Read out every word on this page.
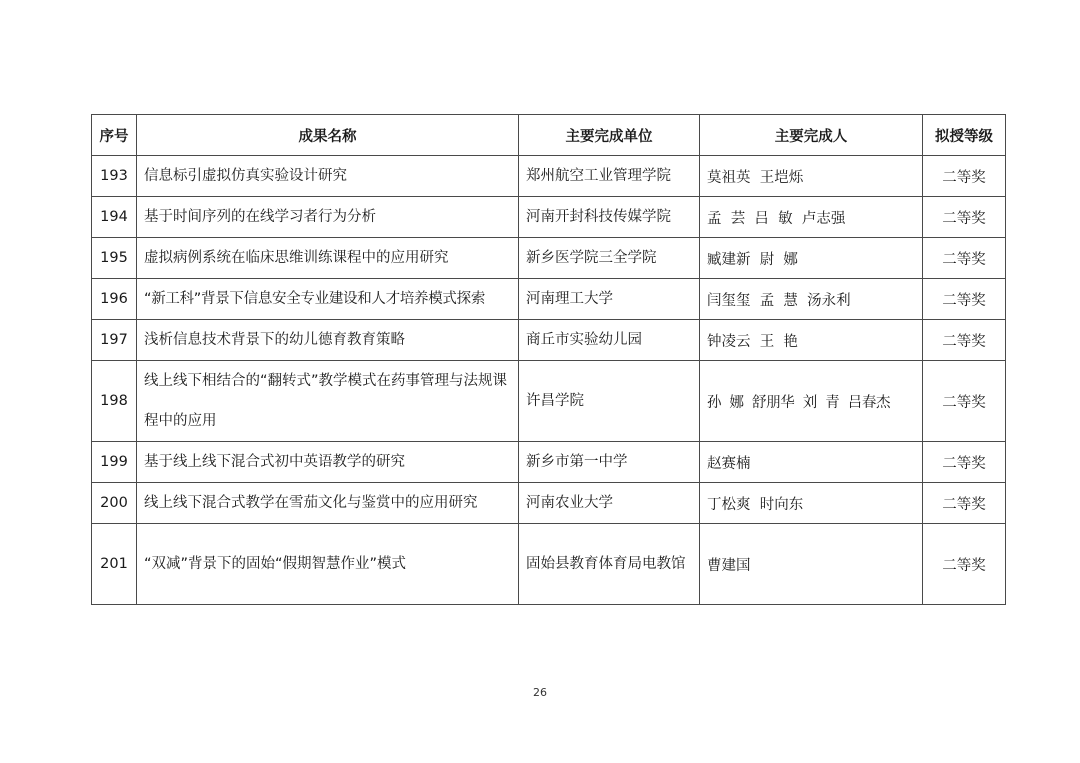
序号	成果名称	主要完成单位	主要完成人	拟授等级
193	信息标引虚拟仿真实验设计研究	郑州航空工业管理学院	莫祖英  王垲烁	二等奖
194	基于时间序列的在线学习者行为分析	河南开封科技传媒学院	孟  芸  吕  敏  卢志强	二等奖
195	虚拟病例系统在临床思维训练课程中的应用研究	新乡医学院三全学院	臧建新  尉  娜	二等奖
196	“新工科”背景下信息安全专业建设和人才培养模式探索	河南理工大学	闫玺玺  孟  慧  汤永利	二等奖
197	浅析信息技术背景下的幼儿德育教育策略	商丘市实验幼儿园	钟凌云  王  艳	二等奖
198	线上线下相结合的“翻转式”教学模式在药事管理与法规课程中的应用	许昌学院	孙  娜  舒朋华  刘  青  吕春杰	二等奖
199	基于线上线下混合式初中英语教学的研究	新乡市第一中学	赵赛楠	二等奖
200	线上线下混合式教学在雪茄文化与鉴赏中的应用研究	河南农业大学	丁松爽  时向东	二等奖
201	“双减”背景下的固始“假期智慧作业”模式	固始县教育体育局电教馆	曹建国	二等奖
26
